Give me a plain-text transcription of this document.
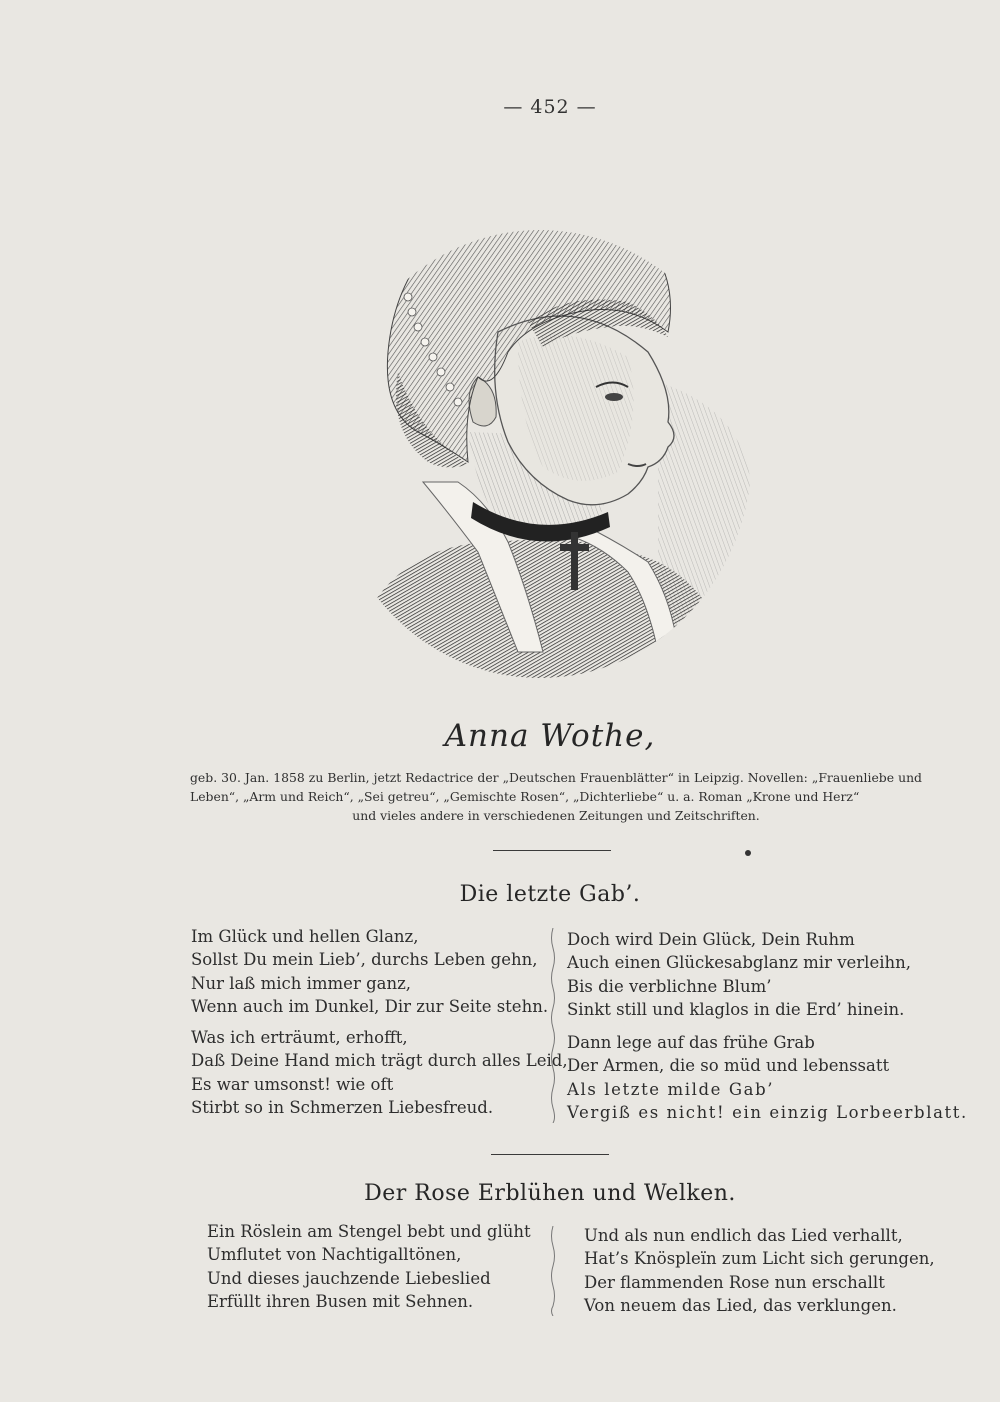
— 452 —
Anna Wothe,
geb. 30. Jan. 1858 zu Berlin, jetzt Redactrice der „Deutschen Frauenblätter“ in Leipzig. Novellen: „Frauenliebe und Leben“, „Arm und Reich“, „Sei getreu“, „Gemischte Rosen“, „Dichterliebe“ u. a. Roman „Krone und Herz“
und vieles andere in verschiedenen Zeitungen und Zeitschriften.
Die letzte Gab’.
Im Glück und hellen Glanz,
Sollst Du mein Lieb’, durchs Leben gehn,
Nur laß mich immer ganz,
Wenn auch im Dunkel, Dir zur Seite stehn.
Was ich erträumt, erhofft,
Daß Deine Hand mich trägt durch alles Leid,
Es war umsonst! wie oft
Stirbt so in Schmerzen Liebesfreud.
Doch wird Dein Glück, Dein Ruhm
Auch einen Glückesabglanz mir verleihn,
Bis die verblichne Blum’
Sinkt still und klaglos in die Erd’ hinein.
Dann lege auf das frühe Grab
Der Armen, die so müd und lebenssatt
Als letzte milde Gab’
Vergiß es nicht! ein einzig Lorbeerblatt.
Der Rose Erblühen und Welken.
Ein Röslein am Stengel bebt und glüht
Umflutet von Nachtigalltönen,
Und dieses jauchzende Liebeslied
Erfüllt ihren Busen mit Sehnen.
Und als nun endlich das Lied verhallt,
Hat’s Knöspleïn zum Licht sich gerungen,
Der flammenden Rose nun erschallt
Von neuem das Lied, das verklungen.
